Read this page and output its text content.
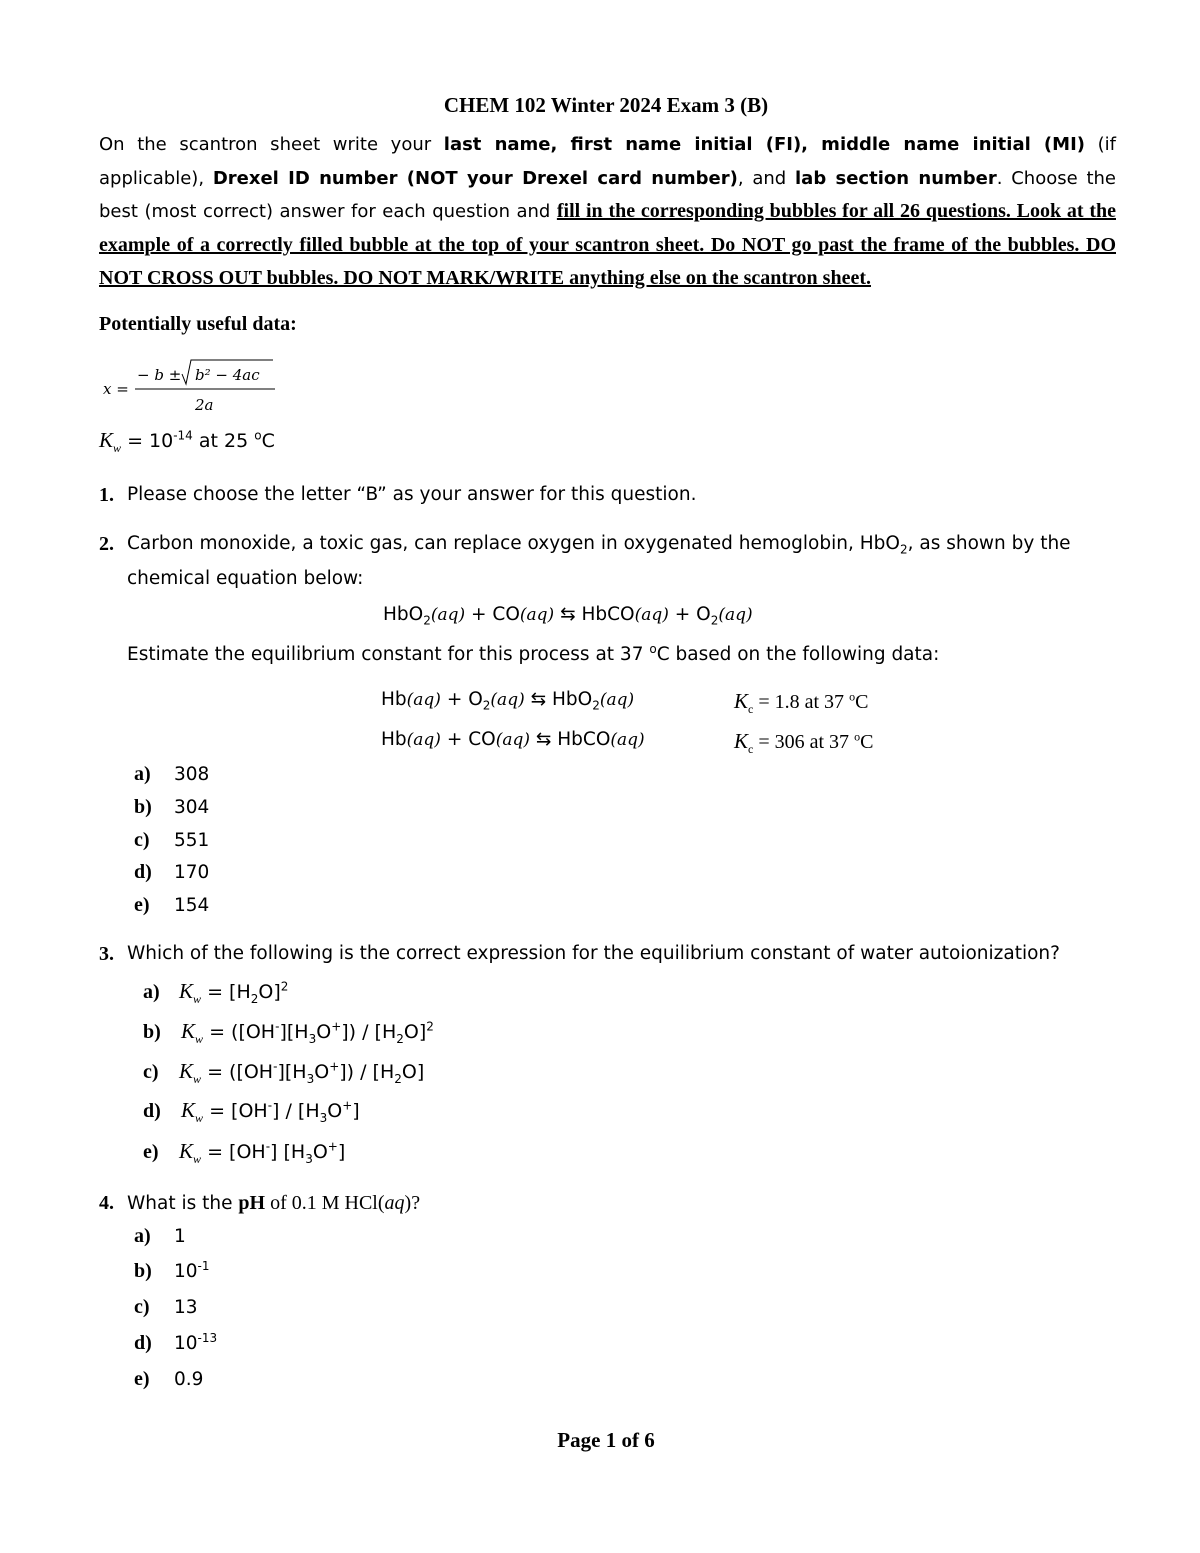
CHEM 102 Winter 2024 Exam 3 (B)
On the scantron sheet write your last name, first name initial (FI), middle name initial (MI) (if applicable), Drexel ID number (NOT your Drexel card number), and lab section number. Choose the best (most correct) answer for each question and fill in the corresponding bubbles for all 26 questions. Look at the example of a correctly filled bubble at the top of your scantron sheet. Do NOT go past the frame of the bubbles. DO NOT CROSS OUT bubbles. DO NOT MARK/WRITE anything else on the scantron sheet.
Potentially useful data:
x =
− b ± b² − 4ac
2a
$K_w = 10^{-14}$ at 25 $^o$C
1. Please choose the letter “B” as your answer for this question.
2. Carbon monoxide, a toxic gas, can replace oxygen in oxygenated hemoglobin, HbO$_2$, as shown by the
chemical equation below:
HbO$_2$(aq) + CO(aq) ⇆ HbCO(aq) + $O_2(aq)$
Estimate the equilibrium constant for this process at 37 $^o$C based on the following data:
$Hb(aq) + O_2(aq)$ ⇆ HbO$_2$(aq)	$K_c = 1.8$ at 37 $^o$C
Hb(aq) + CO(aq) ⇆ HbCO(aq)	$K_c = 306$ at 37 $^o$C
a) 308
b) 304
c) 551
d) 170
e) 154
3. Which of the following is the correct expression for the equilibrium constant of water autoionization?
a) $K_w = [H_2O]^2$
b) $K_w = ([OH^-][H_3O^+]) / [H_2O]^2$
c) $K_w = ([OH^-][H_3O^+]) / [H_2O]$
d) $K_w = [OH^-] / [H_3O^+]$
e) $K_w = [OH^-]$ $[H_3O^+]$
4. What is the pH of 0.1 M HCl(aq)?
a) 1
b) $10^{-1}$
c) 13
d) $10^{-13}$
e) 0.9
Page 1 of 6
